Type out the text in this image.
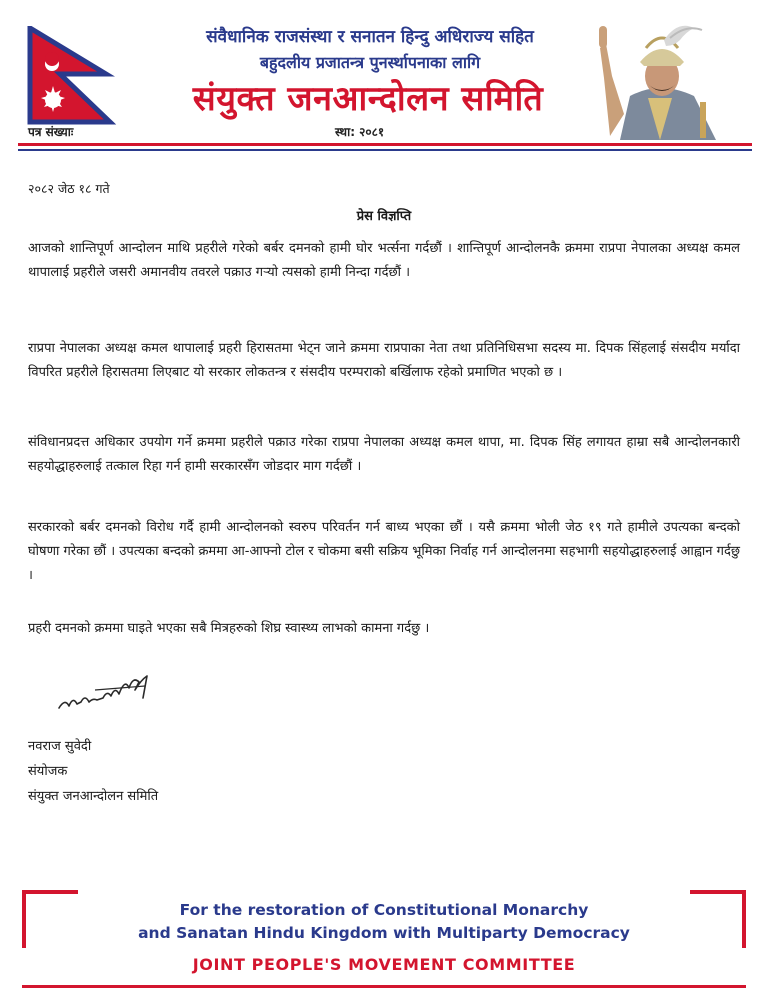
संवैधानिक राजसंस्था र सनातन हिन्दु अधिराज्य सहित
बहुदलीय प्रजातन्त्र पुनर्स्थापनाका लागि
संयुक्त जनआन्दोलन समिति
पत्र संख्याः	स्था: २०८१
२०८२ जेठ १८ गते
प्रेस विज्ञप्ति
आजको शान्तिपूर्ण आन्दोलन माथि प्रहरीले गरेको बर्बर दमनको हामी घोर भर्त्सना गर्दछौं । शान्तिपूर्ण आन्दोलनकै क्रममा राप्रपा नेपालका अध्यक्ष कमल थापालाई प्रहरीले जसरी अमानवीय तवरले पक्राउ गर्‍यो त्यसको हामी निन्दा गर्दछौं ।
राप्रपा नेपालका अध्यक्ष कमल थापालाई प्रहरी हिरासतमा भेट्न जाने क्रममा राप्रपाका नेता तथा प्रतिनिधिसभा सदस्य मा. दिपक सिंहलाई संसदीय मर्यादा विपरित प्रहरीले हिरासतमा लिएबाट यो सरकार लोकतन्त्र र संसदीय परम्पराको बर्खिलाफ रहेको प्रमाणित भएको छ ।
संविधानप्रदत्त अधिकार उपयोग गर्ने क्रममा प्रहरीले पक्राउ गरेका राप्रपा नेपालका अध्यक्ष कमल थापा, मा. दिपक सिंह लगायत हाम्रा सबै आन्दोलनकारी सहयोद्धाहरुलाई तत्काल रिहा गर्न हामी सरकारसँग जोडदार माग गर्दछौं ।
सरकारको बर्बर दमनको विरोध गर्दै हामी आन्दोलनको स्वरुप परिवर्तन गर्न बाध्य भएका छौं । यसै क्रममा भोली जेठ १९ गते हामीले उपत्यका बन्दको घोषणा गरेका छौं । उपत्यका बन्दको क्रममा आ-आफ्नो टोल र चोकमा बसी सक्रिय भूमिका निर्वाह गर्न आन्दोलनमा सहभागी सहयोद्धाहरुलाई आह्वान गर्दछु ।
प्रहरी दमनको क्रममा घाइते भएका सबै मित्रहरुको शिघ्र स्वास्थ्य लाभको कामना गर्दछु ।
नवराज सुवेदी
संयोजक
संयुक्त जनआन्दोलन समिति
For the restoration of Constitutional Monarchy
and Sanatan Hindu Kingdom with Multiparty Democracy
JOINT PEOPLE'S MOVEMENT COMMITTEE
